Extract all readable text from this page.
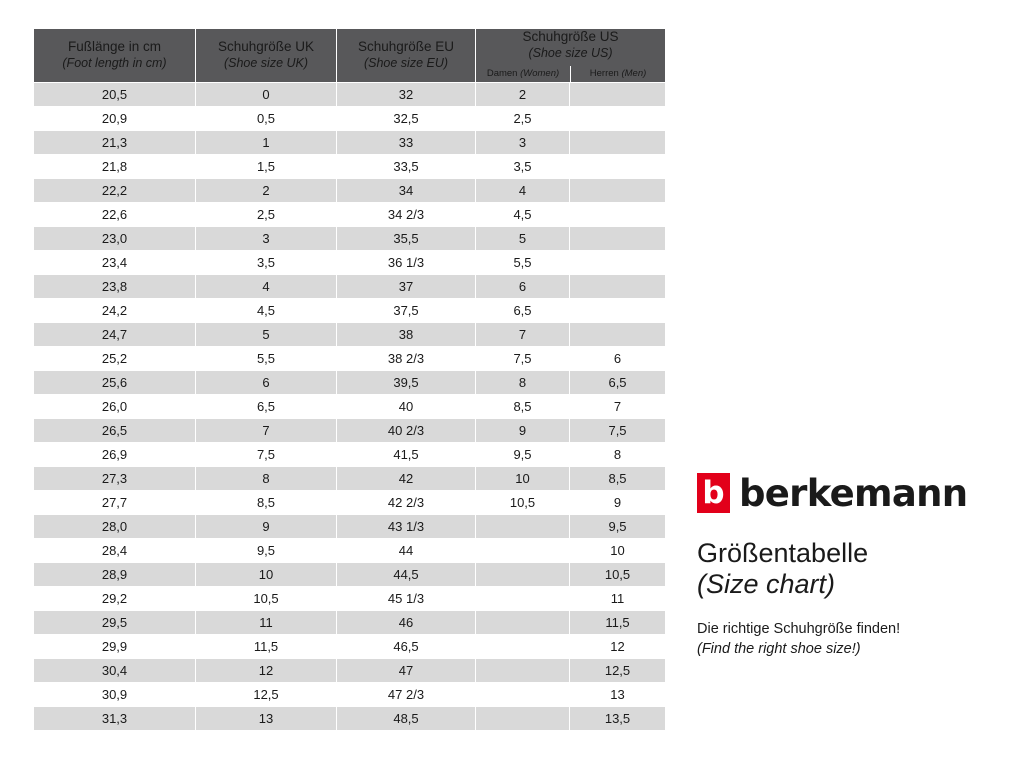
Fußlänge in cm
(Foot length in cm)

Schuhgröße UK
(Shoe size UK)

Schuhgröße EU
(Shoe size EU)

Schuhgröße US
(Shoe size US)
Damen (Women)	Herren (Men)

20,5	0	32	2	
20,9	0,5	32,5	2,5	
21,3	1	33	3	
21,8	1,5	33,5	3,5	
22,2	2	34	4	
22,6	2,5	34 2/3	4,5	
23,0	3	35,5	5	
23,4	3,5	36 1/3	5,5	
23,8	4	37	6	
24,2	4,5	37,5	6,5	
24,7	5	38	7	
25,2	5,5	38 2/3	7,5	6
25,6	6	39,5	8	6,5
26,0	6,5	40	8,5	7
26,5	7	40 2/3	9	7,5
26,9	7,5	41,5	9,5	8
27,3	8	42	10	8,5
27,7	8,5	42 2/3	10,5	9
28,0	9	43 1/3		9,5
28,4	9,5	44		10
28,9	10	44,5		10,5
29,2	10,5	45 1/3		11
29,5	11	46		11,5
29,9	11,5	46,5		12
30,4	12	47		12,5
30,9	12,5	47 2/3		13
31,3	13	48,5		13,5
b berkemann
Größentabelle
(Size chart)
Die richtige Schuhgröße finden!
(Find the right shoe size!)
